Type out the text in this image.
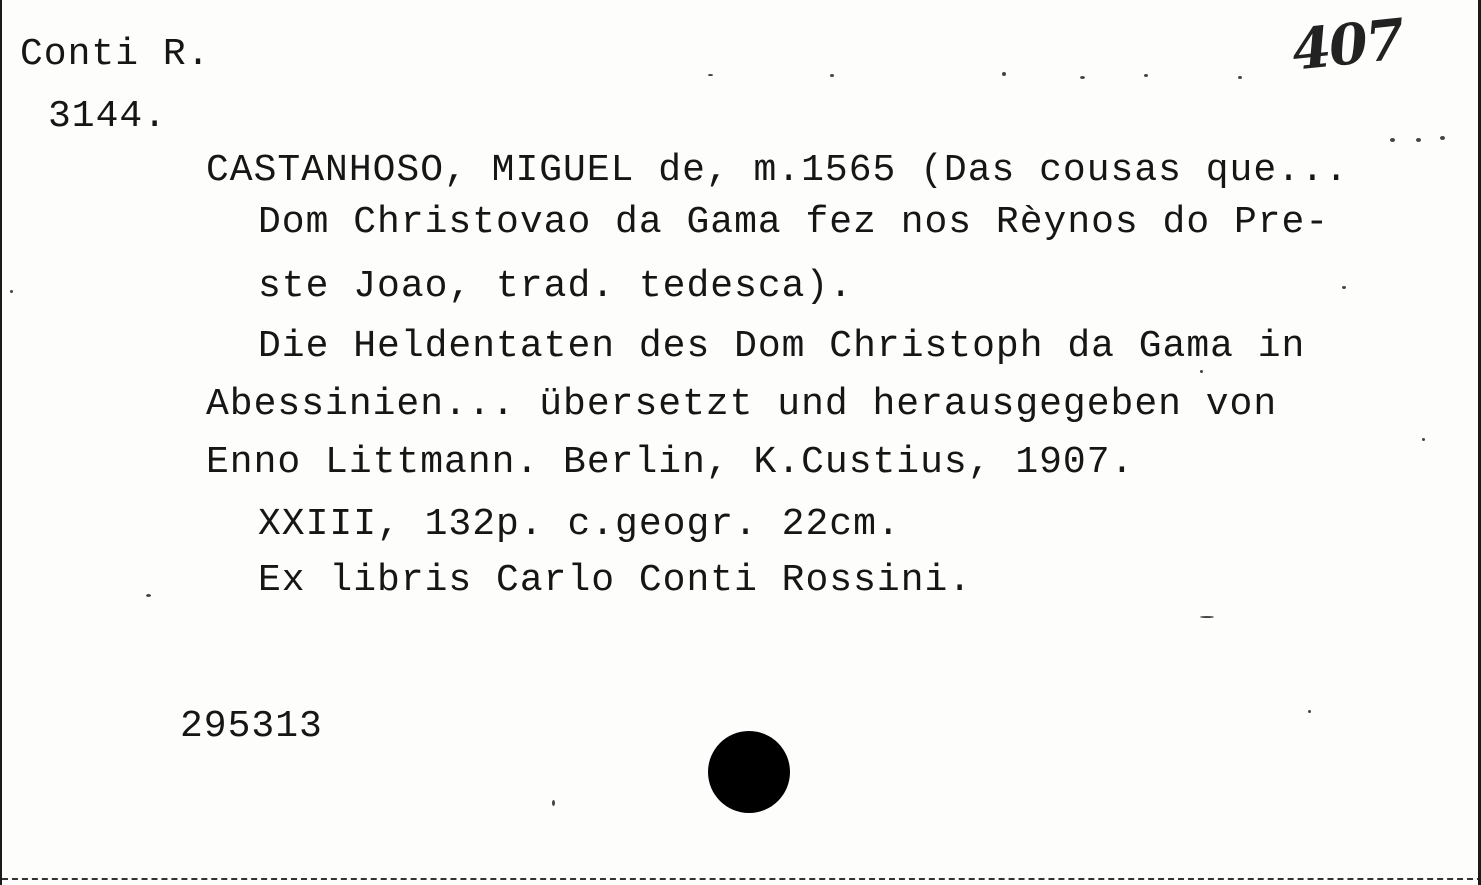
Conti R.
3144.
407
CASTANHOSO, MIGUEL de, m.1565 (Das cousas que...
Dom Christovao da Gama fez nos Rèynos do Pre-
ste Joao, trad. tedesca).
Die Heldentaten des Dom Christoph da Gama in
Abessinien... übersetzt und herausgegeben von
Enno Littmann. Berlin, K.Custius, 1907.
XXIII, 132p. c.geogr. 22cm.
Ex libris Carlo Conti Rossini.
295313
